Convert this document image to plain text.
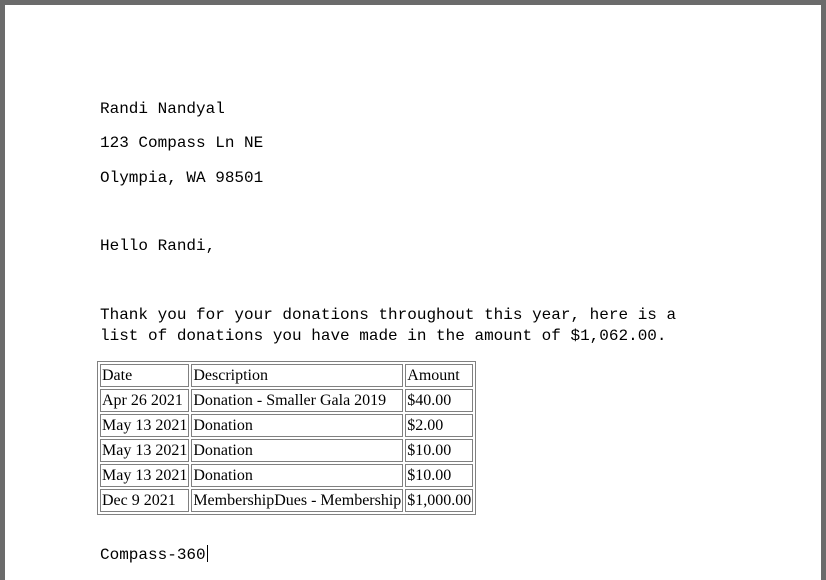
Randi Nandyal

123 Compass Ln NE

Olympia, WA 98501

Hello Randi,

Thank you for your donations throughout this year, here is a
list of donations you have made in the amount of $1,062.00.
Date	Description	Amount
Apr 26 2021	Donation - Smaller Gala 2019	$40.00
May 13 2021	Donation	$2.00
May 13 2021	Donation	$10.00
May 13 2021	Donation	$10.00
Dec 9 2021	MembershipDues - Membership	$1,000.00

Compass-360
